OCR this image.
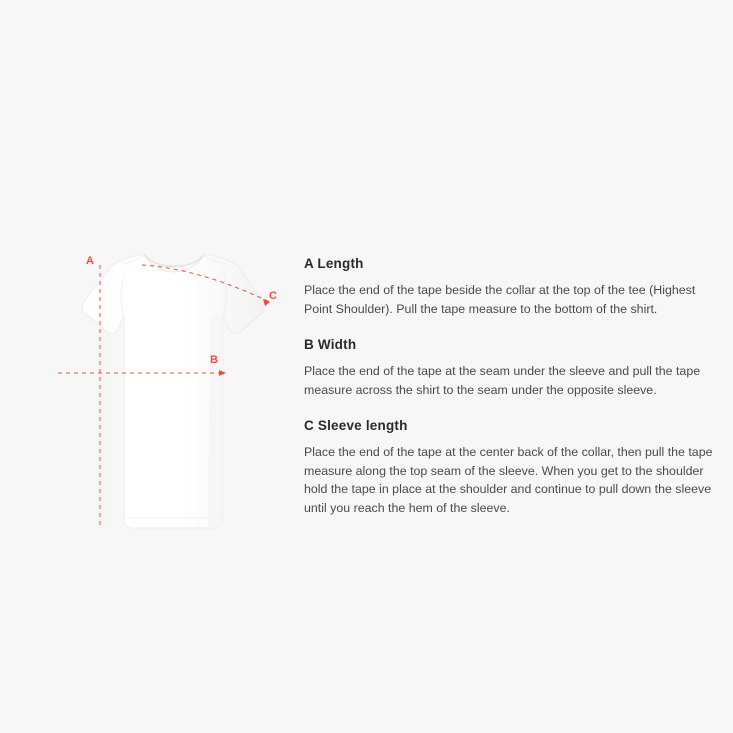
A
B
C
A Length

Place the end of the tape beside the collar at the top of the tee (Highest Point Shoulder). Pull the tape measure to the bottom of the shirt.

B Width

Place the end of the tape at the seam under the sleeve and pull the tape measure across the shirt to the seam under the opposite sleeve.

C Sleeve length

Place the end of the tape at the center back of the collar, then pull the tape measure along the top seam of the sleeve. When you get to the shoulder hold the tape in place at the shoulder and continue to pull down the sleeve until you reach the hem of the sleeve.
